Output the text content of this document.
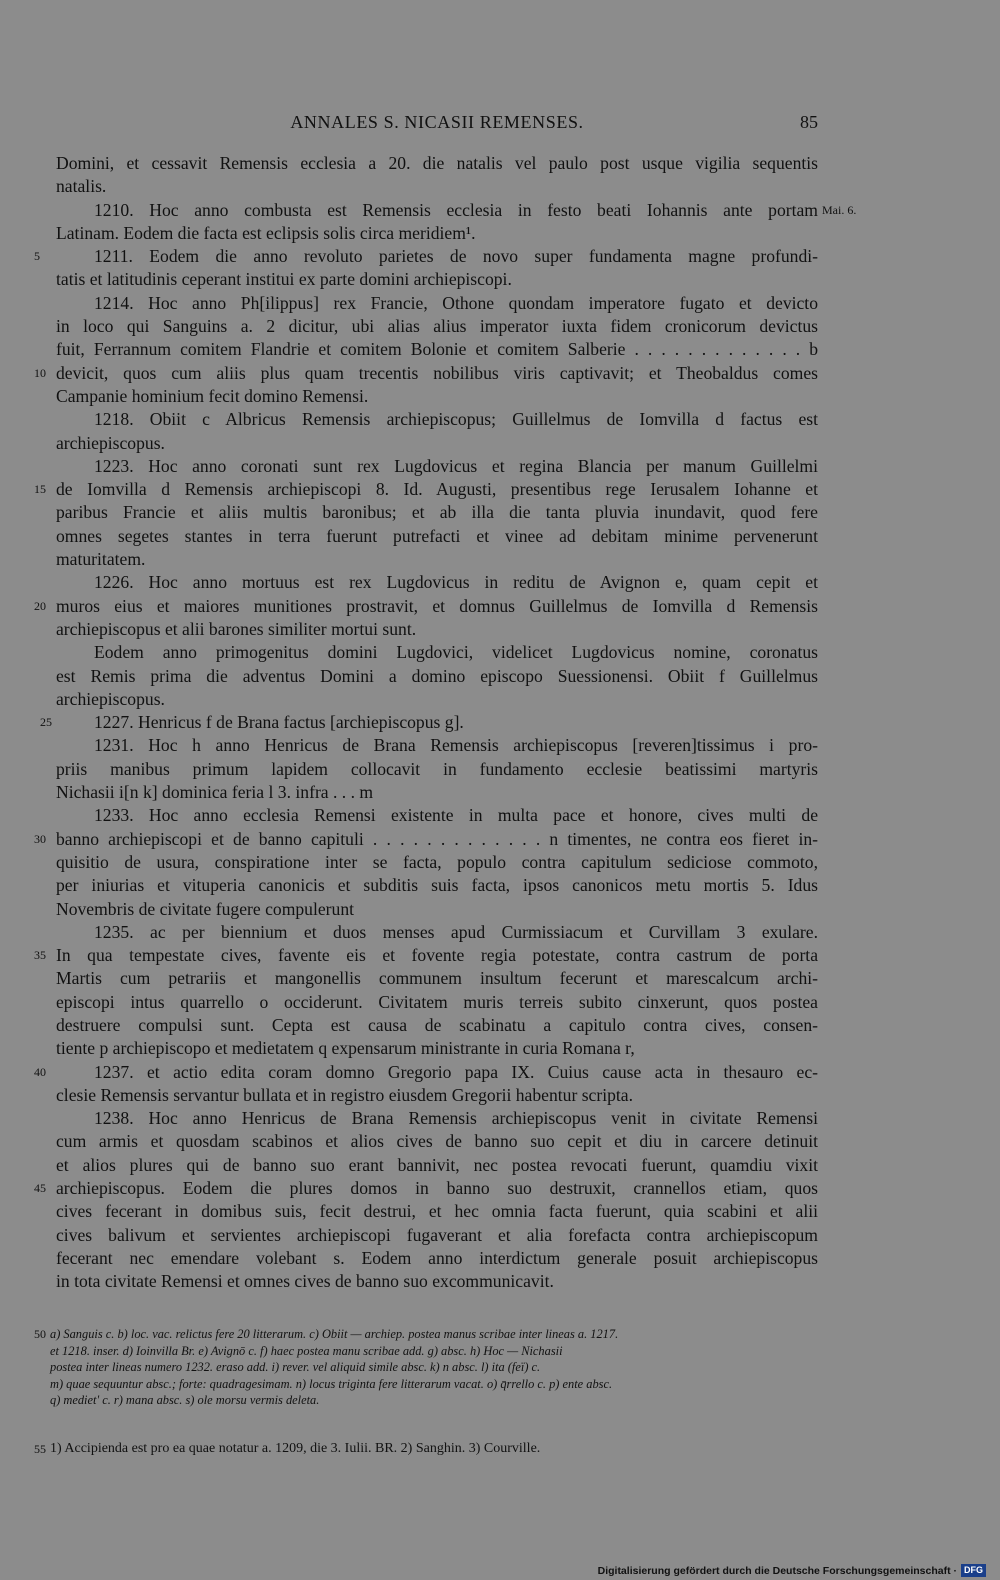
ANNALES S. NICASII REMENSES.	85
Domini, et cessavit Remensis ecclesia a 20. die natalis vel paulo post usque vigilia sequentis
natalis.
1210. Hoc anno combusta est Remensis ecclesia in festo beati Iohannis ante portam Mai. 6.
Latinam. Eodem die facta est eclipsis solis circa meridiem¹.
1211. Eodem die anno revoluto parietes de novo super fundamenta magne profundi-
5
tatis et latitudinis ceperant institui ex parte domini archiepiscopi.
1214. Hoc anno Ph[ilippus] rex Francie, Othone quondam imperatore fugato et devicto
in loco qui Sanguins a. 2 dicitur, ubi alias alius imperator iuxta fidem cronicorum devictus
fuit, Ferrannum comitem Flandrie et comitem Bolonie et comitem Salberie . . . . . . . . . . . . . b
devicit, quos cum aliis plus quam trecentis nobilibus viris captivavit; et Theobaldus comes
10
Campanie hominium fecit domino Remensi.
1218. Obiit c Albricus Remensis archiepiscopus; Guillelmus de Iomvilla d factus est
archiepiscopus.
1223. Hoc anno coronati sunt rex Lugdovicus et regina Blancia per manum Guillelmi
de Iomvilla d Remensis archiepiscopi 8. Id. Augusti, presentibus rege Ierusalem Iohanne et
15
paribus Francie et aliis multis baronibus; et ab illa die tanta pluvia inundavit, quod fere
omnes segetes stantes in terra fuerunt putrefacti et vinee ad debitam minime pervenerunt
maturitatem.
1226. Hoc anno mortuus est rex Lugdovicus in reditu de Avignon e, quam cepit et
muros eius et maiores munitiones prostravit, et domnus Guillelmus de Iomvilla d Remensis
20
archiepiscopus et alii barones similiter mortui sunt.
Eodem anno primogenitus domini Lugdovici, videlicet Lugdovicus nomine, coronatus
est Remis prima die adventus Domini a domino episcopo Suessionensi. Obiit f Guillelmus
archiepiscopus.
1227. Henricus f de Brana factus [archiepiscopus g].
25
1231. Hoc h anno Henricus de Brana Remensis archiepiscopus [reveren]tissimus i pro-
priis manibus primum lapidem collocavit in fundamento ecclesie beatissimi martyris
Nichasii i[n k] dominica feria l 3. infra . . . m
1233. Hoc anno ecclesia Remensi existente in multa pace et honore, cives multi de
banno archiepiscopi et de banno capituli . . . . . . . . . . . . . n timentes, ne contra eos fieret in-
30
quisitio de usura, conspiratione inter se facta, populo contra capitulum sediciose commoto,
per iniurias et vituperia canonicis et subditis suis facta, ipsos canonicos metu mortis 5. Idus
Novembris de civitate fugere compulerunt
1235. ac per biennium et duos menses apud Curmissiacum et Curvillam 3 exulare.
In qua tempestate cives, favente eis et fovente regia potestate, contra castrum de porta
35
Martis cum petrariis et mangonellis communem insultum fecerunt et marescalcum archi-
episcopi intus quarrello o occiderunt. Civitatem muris terreis subito cinxerunt, quos postea
destruere compulsi sunt. Cepta est causa de scabinatu a capitulo contra cives, consen-
tiente p archiepiscopo et medietatem q expensarum ministrante in curia Romana r,
1237. et actio edita coram domno Gregorio papa IX. Cuius cause acta in thesauro ec-
40
clesie Remensis servantur bullata et in registro eiusdem Gregorii habentur scripta.
1238. Hoc anno Henricus de Brana Remensis archiepiscopus venit in civitate Remensi
cum armis et quosdam scabinos et alios cives de banno suo cepit et diu in carcere detinuit
et alios plures qui de banno suo erant bannivit, nec postea revocati fuerunt, quamdiu vixit
archiepiscopus. Eodem die plures domos in banno suo destruxit, crannellos etiam, quos
45
cives fecerant in domibus suis, fecit destrui, et hec omnia facta fuerunt, quia scabini et alii
cives balivum et servientes archiepiscopi fugaverant et alia forefacta contra archiepiscopum
fecerant nec emendare volebant s. Eodem anno interdictum generale posuit archiepiscopus
in tota civitate Remensi et omnes cives de banno suo excommunicavit.
a) Sanguis c. b) loc. vac. relictus fere 20 litterarum. c) Obiit — archiep. postea manus scribae inter lineas a. 1217.
50
et 1218. inser. d) Ioinvilla Br. e) Avignō c. f) haec postea manu scribae add. g) absc. h) Hoc — Nichasii
postea inter lineas numero 1232. eraso add. i) rever. vel aliquid simile absc. k) n absc. l) ita (feï) c.
m) quae sequuntur absc.; forte: quadragesimam. n) locus triginta fere litterarum vacat. o) q̄rrello c. p) ente absc.
q) mediet' c. r) mana absc. s) ole morsu vermis deleta.
1) Accipienda est pro ea quae notatur a. 1209, die 3. Iulii. BR. 2) Sanghin. 3) Courville.
55
Digitalisierung gefördert durch die Deutsche Forschungsgemeinschaft · DFG
